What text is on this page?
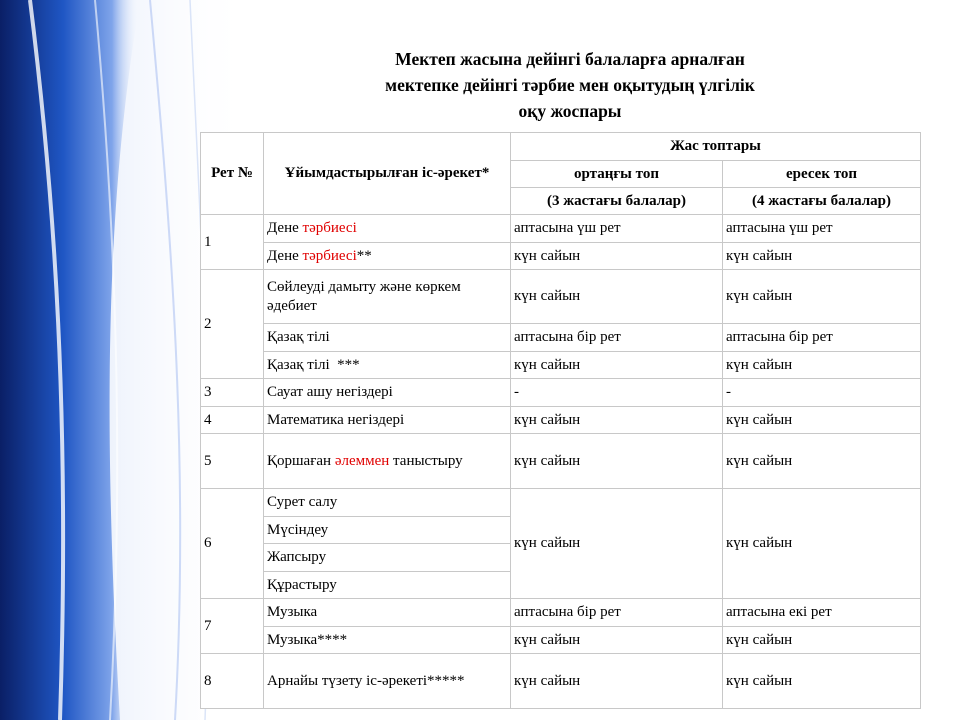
Мектеп жасына дейінгі балаларға арналған
мектепке дейінгі тәрбие мен оқытудың үлгілік
оқу жоспары
Рет №	Ұйымдастырылған іс-әрекет*	Жас топтары	
		ортаңғы топ	ересек топ
		(3 жастағы балалар)	(4 жастағы балалар)
1	Дене тәрбиесі	аптасына үш рет	аптасына үш рет
	Дене тәрбиесі**	күн сайын	күн сайын
2	Сөйлеуді дамыту және көркем әдебиет	күн сайын	күн сайын
	Қазақ тілі	аптасына бір рет	аптасына бір рет
	Қазақ тілі  ***	күн сайын	күн сайын
3	Сауат ашу негіздері	-	-
4	Математика негіздері	күн сайын	күн сайын
5	Қоршаған әлеммен таныстыру	күн сайын	күн сайын
6	Сурет салу	күн сайын	күн сайын
	Мүсіндеу		
	Жапсыру		
	Құрастыру		
7	Музыка	аптасына бір рет	аптасына екі рет
	Музыка****	күн сайын	күн сайын
8	Арнайы түзету іс-әрекеті*****	күн сайын	күн сайын
